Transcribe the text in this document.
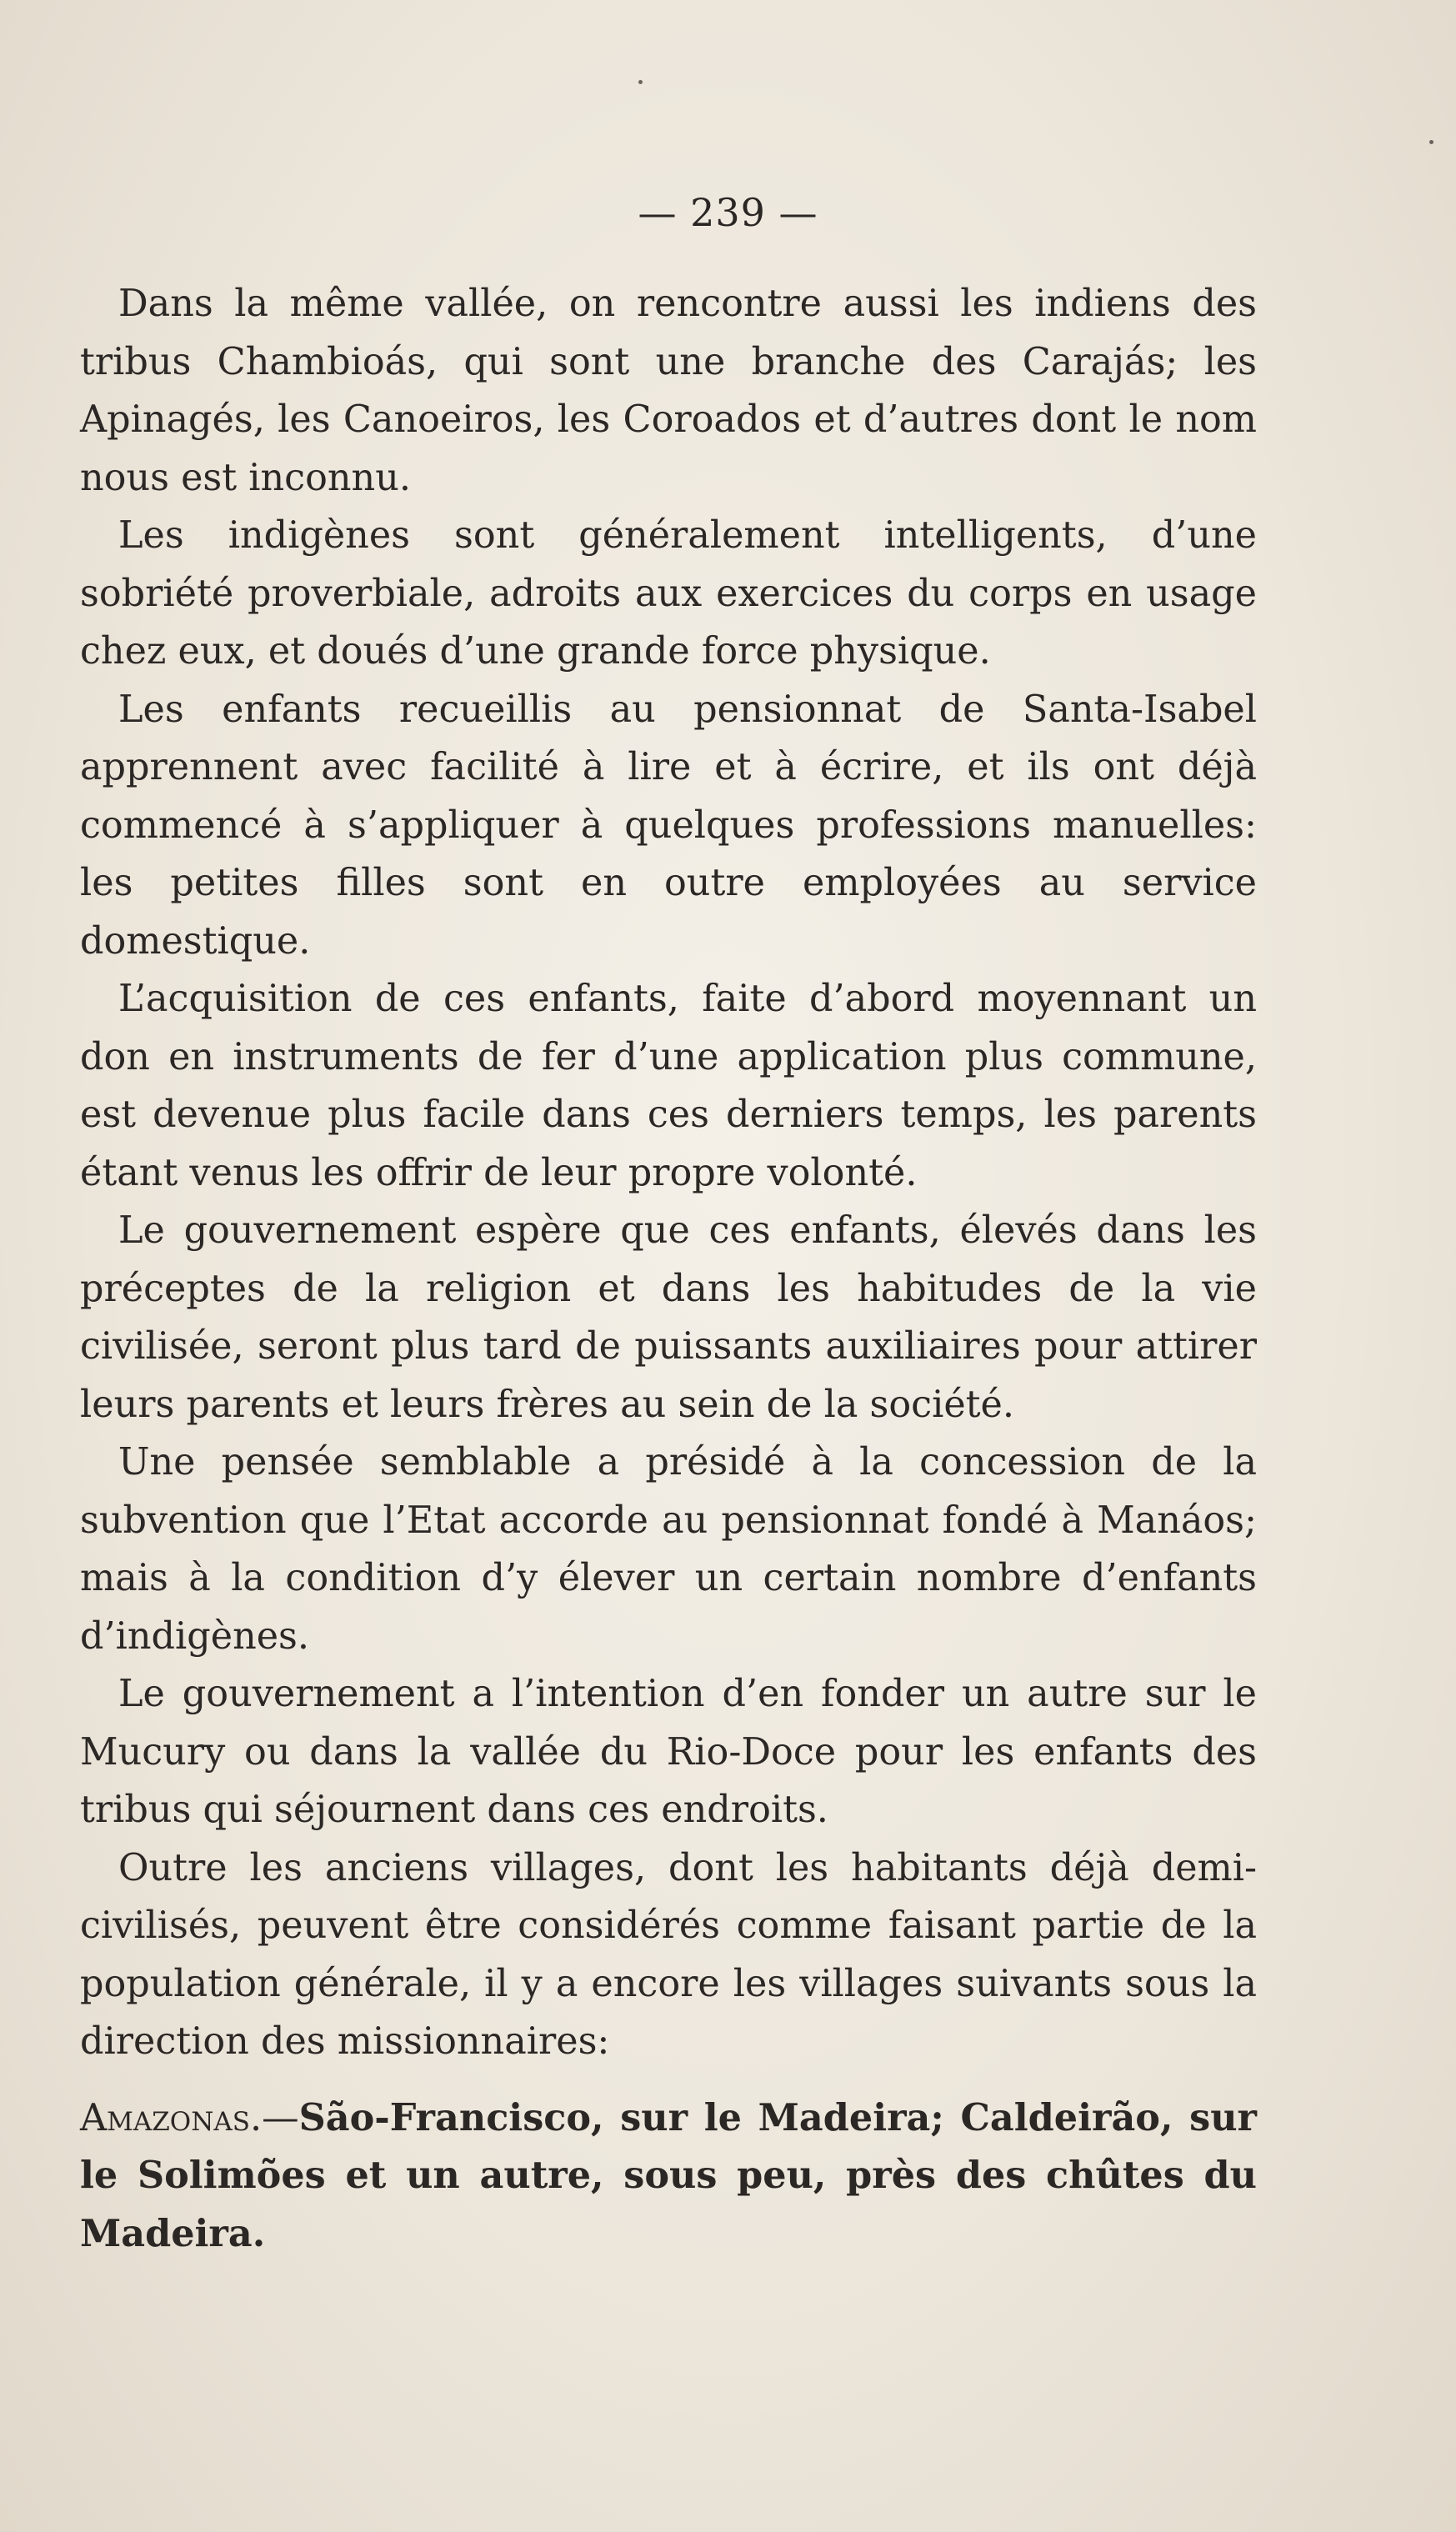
— 239 —

Dans la même vallée, on rencontre aussi les indiens des tribus Chambioás, qui sont une branche des Carajás; les Apinagés, les Canoeiros, les Coroados et d’autres dont le nom nous est inconnu.

Les indigènes sont généralement intelligents, d’une sobriété proverbiale, adroits aux exercices du corps en usage chez eux, et doués d’une grande force physique.

Les enfants recueillis au pensionnat de Santa-Isabel apprennent avec facilité à lire et à écrire, et ils ont déjà commencé à s’appliquer à quelques professions manuelles: les petites filles sont en outre employées au service domestique.

L’acquisition de ces enfants, faite d’abord moyennant un don en instruments de fer d’une application plus commune, est devenue plus facile dans ces derniers temps, les parents étant venus les offrir de leur propre volonté.

Le gouvernement espère que ces enfants, élevés dans les préceptes de la religion et dans les habitudes de la vie civilisée, seront plus tard de puissants auxiliaires pour attirer leurs parents et leurs frères au sein de la société.

Une pensée semblable a présidé à la concession de la subvention que l’Etat accorde au pensionnat fondé à Manáos; mais à la condition d’y élever un certain nombre d’enfants d’indigènes.

Le gouvernement a l’intention d’en fonder un autre sur le Mucury ou dans la vallée du Rio-Doce pour les enfants des tribus qui séjournent dans ces endroits.

Outre les anciens villages, dont les habitants déjà demi-civilisés, peuvent être considérés comme faisant partie de la population générale, il y a encore les villages suivants sous la direction des missionnaires:

Amazonas.—São-Francisco, sur le Madeira; Caldeirão, sur le Solimões et un autre, sous peu, près des chûtes du Madeira.
